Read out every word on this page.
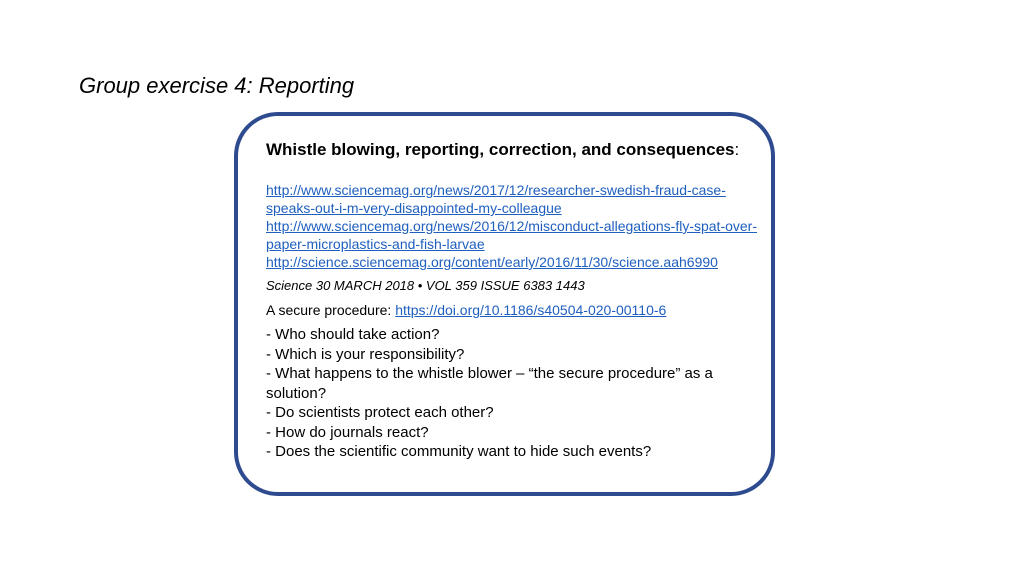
Group exercise 4: Reporting

Whistle blowing, reporting, correction, and consequences:

http://www.sciencemag.org/news/2017/12/researcher-swedish-fraud-case-speaks-out-i-m-very-disappointed-my-colleague
http://www.sciencemag.org/news/2016/12/misconduct-allegations-fly-spat-over-paper-microplastics-and-fish-larvae
http://science.sciencemag.org/content/early/2016/11/30/science.aah6990
Science 30 MARCH 2018 • VOL 359 ISSUE 6383 1443
A secure procedure: https://doi.org/10.1186/s40504-020-00110-6
- Who should take action?
- Which is your responsibility?
- What happens to the whistle blower – “the secure procedure” as a solution?
- Do scientists protect each other?
- How do journals react?
- Does the scientific community want to hide such events?
